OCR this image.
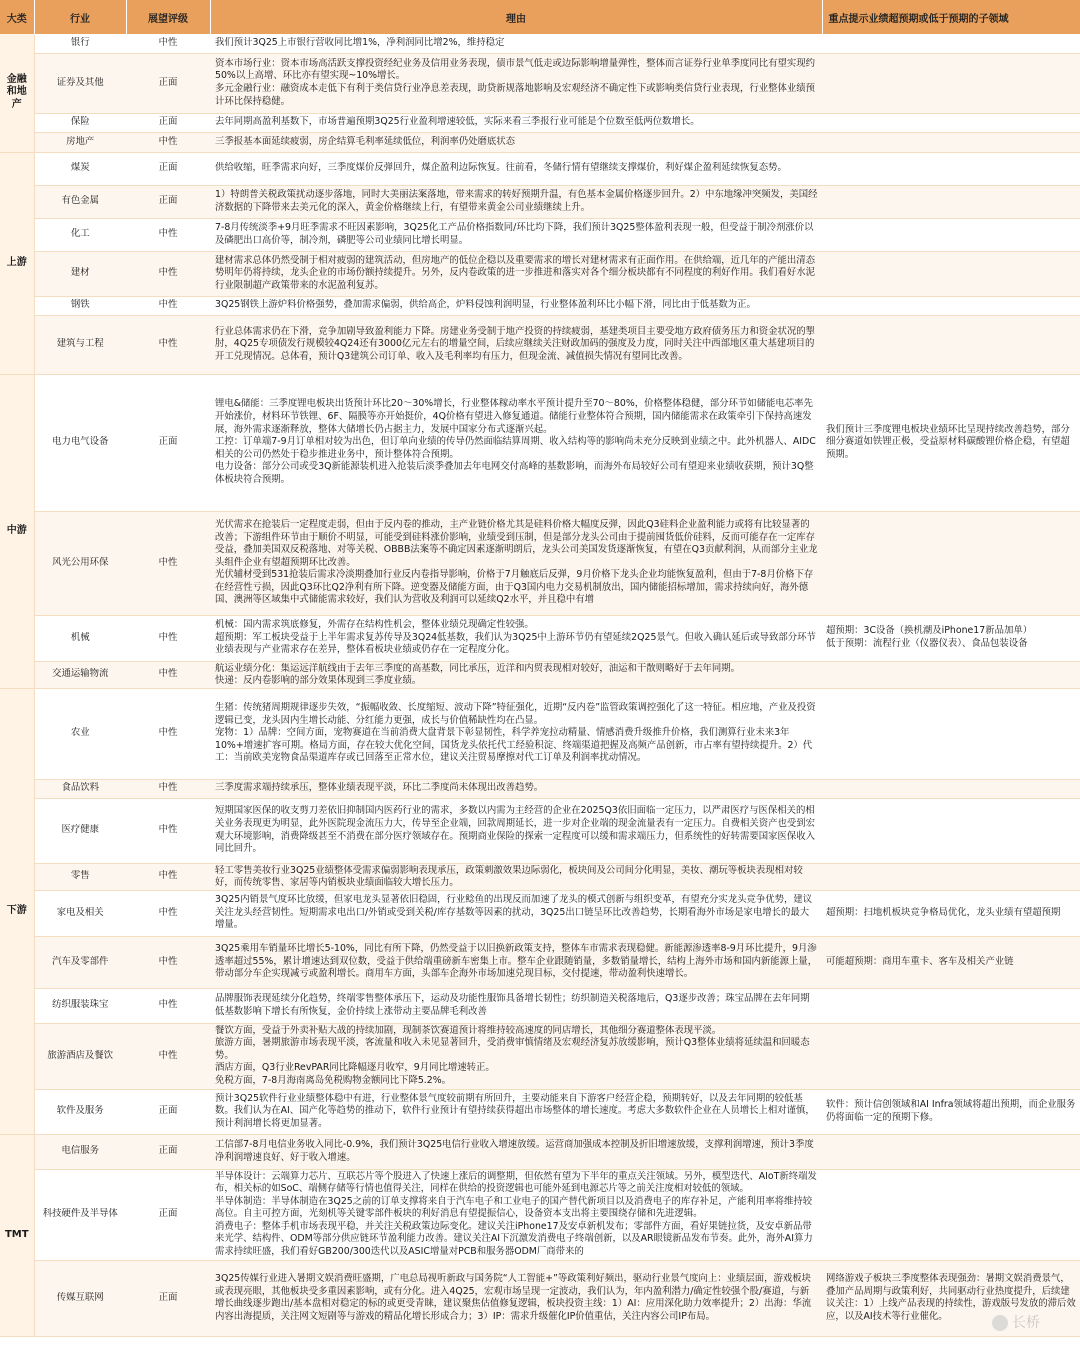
大类	行业	展望评级	理由	重点提示业绩超预期或低于预期的子领域
金融和地产	银行	中性	我们预计3Q25上市银行营收同比增1%，净利润同比增2%，维持稳定	

	证券及其他	正面	资本市场行业：资本市场高活跃支撑投资经纪业务及信用业务表现，债市景气低走或边际影响增量弹性，整体而言证券行业单季度同比有望实现约50%以上高增、环比亦有望实现~10%增长。
多元金融行业：融资成本走低下有利于类信贷行业净息差表现，助贷新规落地影响及宏观经济不确定性下或影响类信贷行业表现，行业整体业绩预计环比保持稳健。	

	保险	正面	去年同期高盈利基数下，市场普遍预期3Q25行业盈利增速较低，实际来看三季报行业可能是个位数至低两位数增长。	

	房地产	中性	三季报基本面延续疲弱，房企结算毛利率延续低位，利润率仍处磨底状态	

上游	煤炭	正面	供给收缩，旺季需求向好，三季度煤价反弹回升，煤企盈利边际恢复。往前看，冬储行情有望继续支撑煤价，利好煤企盈利延续恢复态势。	

	有色金属	正面	1）特朗普关税政策扰动逐步落地，同时大美丽法案落地，带来需求的转好预期升温，有色基本金属价格逐步回升。2）中东地缘冲突频发，美国经济数据的下降带来去美元化的深入，黄金价格继续上行，有望带来黄金公司业绩继续上升。	

	化工	中性	7-8月传统淡季+9月旺季需求不旺因素影响，3Q25化工产品价格指数同/环比均下降，我们预计3Q25整体盈利表现一般，但受益于制冷剂涨价以及磷肥出口高价等，制冷剂，磷肥等公司业绩同比增长明显。	

	建材	中性	建材需求总体仍然受制于相对疲弱的建筑活动，但房地产的低位企稳以及重要需求的增长对建材需求有正面作用。在供给端，近几年的产能出清态势明年仍将持续，龙头企业的市场份额持续提升。另外，反内卷政策的进一步推进和落实对各个细分板块都有不同程度的利好作用。我们看好水泥行业限制超产政策带来的水泥盈利复苏。	

	钢铁	中性	3Q25钢铁上游炉料价格强势，叠加需求偏弱，供给高企，炉料侵蚀利润明显，行业整体盈利环比小幅下滑，同比由于低基数为正。	

	建筑与工程	中性	行业总体需求仍在下滑，竞争加剧导致盈利能力下降。房建业务受制于地产投资的持续疲弱，基建类项目主要受地方政府债务压力和资金状况的掣肘，4Q25专项债发行规模较4Q24还有3000亿元左右的增量空间，后续应继续关注财政加码的强度及力度，同时关注中西部地区重大基建项目的开工兑现情况。总体看，预计Q3建筑公司订单、收入及毛利率均有压力，但现金流、减值损失情况有望同比改善。	

中游	电力电气设备	正面	锂电&储能：三季度锂电板块出货预计环比20～30%增长，行业整体稼动率水平预计提升至70～80%，价格整体稳健，部分环节如储能电芯率先开始涨价，材料环节铁锂、6F、隔膜等亦开始挺价，4Q价格有望进入修复通道。储能行业整体符合预期，国内储能需求在政策牵引下保持高速发展，海外需求逐渐释放，整体大储增长仍占据主力，发展中国家分布式逐渐兴起。
工控：订单端7-9月订单相对较为出色，但订单向业绩的传导仍然面临结算周期、收入结构等的影响尚未充分反映到业绩之中。此外机器人、AIDC相关的公司仍然处于稳步推进业务中，预计整体符合预期。
电力设备：部分公司或受3Q新能源装机进入抢装后淡季叠加去年电网交付高峰的基数影响，而海外布局较好公司有望迎来业绩收获期，预计3Q整体板块符合预期。	我们预计三季度锂电板块业绩环比呈现持续改善趋势，部分细分赛道如铁锂正极，受益原材料碳酸锂价格企稳，有望超预期。

	风光公用环保	中性	光伏需求在抢装后一定程度走弱，但由于反内卷的推动，主产业链价格尤其是硅料价格大幅度反弹，因此Q3硅料企业盈利能力或将有比较显著的改善；下游组件环节由于顺价不明显，可能受到硅料涨价影响，业绩受到压制，但是部分龙头公司由于提前囤货低价硅料，反而可能存在一定库存受益，叠加美国双反税落地、对等关税、OBBB法案等不确定因素逐渐明朗后，龙头公司美国发货逐渐恢复，有望在Q3贡献利润，从而部分主业龙头组件企业有望超预期环比改善。
光伏辅材受到531抢装后需求冷淡期叠加行业反内卷指导影响，价格于7月触底后反弹，9月价格下龙头企业均能恢复盈利，但由于7-8月价格下存在经营性亏损，因此Q3环比Q2净利有所下降。逆变器及储能方面，由于Q3国内电力交易机制放出，国内储能招标增加，需求持续向好，海外德国、澳洲等区域集中式储能需求较好，我们认为营收及利润可以延续Q2水平，并且稳中有增	

	机械	中性	机械：国内需求筑底修复，外需存在结构性机会，整体业绩兑现确定性较强。
超预期：军工板块受益于上半年需求复苏传导及3Q24低基数，我们认为3Q25中上游环节仍有望延续2Q25景气。但收入确认延后或导致部分环节业绩表现与产业需求存在差异，整体看板块业绩或仍存在一定程度分化。	超预期：3C设备（换机潮及iPhone17新品加单）
低于预期：流程行业（仪器仪表）、食品包装设备

	交通运输物流	中性	航运业绩分化：集运远洋航线由于去年三季度的高基数，同比承压，近洋和内贸表现相对较好，油运和干散则略好于去年同期。
快递：反内卷影响的部分效果体现到三季度业绩。	

下游	农业	中性	生猪：传统猪周期规律逐步失效，“振幅收敛、长度缩短、波动下降”特征强化，近期“反内卷”监管政策调控强化了这一特征。相应地，产业及投资逻辑已变，龙头因内生增长动能、分红能力更强，成长与价值稀缺性均在凸显。
宠物：1）品牌：空间方面，宠物赛道在当前消费大盘背景下彰显韧性，科学养宠拉动精量、情感消费升级推升价格，我们测算行业未来3年10%+增速扩容可期。格局方面，存在较大优化空间，国货龙头依托代工经验积淀、终端渠道把握及高频产品创新，市占率有望持续提升。2）代工：当前欧美宠物食品渠道库存或已回落至正常水位，建议关注贸易摩擦对代工订单及利润率扰动情况。	

	食品饮料	中性	三季度需求端持续承压，整体业绩表现平淡，环比二季度尚未体现出改善趋势。	

	医疗健康	中性	短期国家医保的收支剪刀差依旧抑制国内医药行业的需求，多数以内需为主经营的企业在2025Q3依旧面临一定压力，以严肃医疗与医保相关的相关业务表现更为明显，此外医院现金流压力大，传导至企业端，回款周期延长，进一步对企业端的现金流量表有一定压力。自费相关资产也受到宏观大环境影响，消费降级甚至不消费在部分医疗领域存在。预期商业保险的探索一定程度可以缓和需求端压力，但系统性的好转需要国家医保收入同比回升。	

	零售	中性	轻工零售美妆行业3Q25业绩整体受需求偏弱影响表现承压，政策刺激效果边际弱化，板块间及公司间分化明显，美妆、潮玩等板块表现相对较好，而传统零售、家居等内销板块业绩面临较大增长压力。	

	家电及相关	中性	3Q25内销景气度环比放缓，但家电龙头显著依旧稳固，行业鲶鱼的出现反而加速了龙头的模式创新与组织变革，有望充分实龙头竞争优势，建议关注龙头经营韧性。短期需求电出口/外销或受到关税/库存基数等因素的扰动，3Q25出口链呈环比改善趋势，长期看海外市场是家电增长的最大增量。	超预期：扫地机板块竞争格局优化，龙头业绩有望超预期

	汽车及零部件	中性	3Q25乘用车销量环比增长5-10%，同比有所下降，仍然受益于以旧换新政策支持，整体车市需求表现稳健。新能源渗透率8-9月环比提升，9月渗透率超过55%，累计增速达到双位数，受益于供给端重磅新车密集上市。整车企业跟随销量，多数销量增长，结构上海外市场和国内新能源上量，带动部分车企实现减亏或盈利增长。商用车方面，头部车企海外市场加速兑现目标，交付提速，带动盈利快速增长。	可能超预期：商用车重卡、客车及相关产业链

	纺织服装珠宝	中性	品牌服饰表现延续分化趋势，终端零售整体承压下，运动及功能性服饰具备增长韧性；纺织制造关税落地后，Q3逐步改善；珠宝品牌在去年同期低基数影响下增长有所恢复，金价持续上涨带动主要品牌毛利改善	

	旅游酒店及餐饮	中性	餐饮方面，受益于外卖补贴大战的持续加剧，现制茶饮赛道预计将维持较高速度的同店增长，其他细分赛道整体表现平淡。
旅游方面，暑期旅游市场表现平淡，客流量和收入未见显著回升，受消费审慎情绪及宏观经济复苏放缓影响，预计Q3整体业绩将延续温和回暖态势。
酒店方面，Q3行业RevPAR同比降幅逐月收窄，9月同比增速转正。
免税方面，7-8月海南离岛免税购物金额同比下降5.2%。	

	软件及服务	正面	预计3Q25软件行业业绩整体稳中有进，行业整体景气度较前期有所回升，主要动能来自下游客户经营企稳，预期转好，以及去年同期的较低基数。我们认为在AI、国产化等趋势的推动下，软件行业预计有望持续获得超出市场整体的增长速度。考虑大多数软件企业在人员增长上相对谨慎，预计利润增长将更加显著。	软件：预计信创领域和AI Infra领域将超出预期，而企业服务仍将面临一定的预期下修。

TMT	电信服务	正面	工信部7-8月电信业务收入同比-0.9%，我们预计3Q25电信行业收入增速放缓。运营商加强成本控制及折旧增速放缓，支撑利润增速，预计3季度净利润增速良好、好于收入增速。	

	科技硬件及半导体	正面	半导体设计：云端算力芯片、互联芯片等个股进入了快速上涨后的调整期，但依然有望为下半年的重点关注领域。另外，模型迭代、AIoT新终端发布，相关标的如SoC、端侧存储等行情也值得关注，同样在供给的投资逻辑也可能外延到电源芯片等之前关注度相对较低的领域。
半导体制造：半导体制造在3Q25之前的订单支撑将来自于汽车电子和工业电子的国产替代新项目以及消费电子的库存补足，产能利用率将维持较高位。自主可控方面，光刻机等关键零部件板块的利好消息有望提振信心，设备资本支出将主要围绕存储和先进逻辑。
消费电子：整体手机市场表现平稳，并关注关税政策边际变化。建议关注iPhone17及安卓新机发布；零部件方面，看好果链拉货，及安卓新品带来光学、结构件、ODM等部分供应链环节盈利能力改善。建议关注AI下沉激发消费电子终端创新，以及AR眼镜新品发布节奏。此外，海外AI算力需求持续旺盛，我们看好GB200/300迭代以及ASIC增量对PCB和服务器ODM厂商带来的	

	传媒互联网	正面	3Q25传媒行业进入暑期文娱消费旺盛期，广电总局视听新政与国务院“人工智能+”等政策利好频出，驱动行业景气度向上：业绩层面，游戏板块或表现亮眼，其他板块受多重因素影响，或有分化。进入4Q25，宏观市场呈现一定波动，我们认为，年内盈利潜力/确定性较强个股/赛道，与新增长曲线逐步跑出/基本盘相对稳定的标的或更受青睐，建议聚焦估值修复逻辑，板块投资主线：1）AI：应用深化助力效率提升；2）出海：华流内容出海提质，关注网文短剧等与游戏的精品化增长形成合力；3）IP：需求升级催化IP价值重估，关注内容公司IP布局。	网络游戏子板块三季度整体表现强劲：暑期文娱消费景气，叠加产品周期与政策利好，共同驱动行业热度提升，后续建议关注：1）上线产品表现的持续性，游戏版号发放的滞后效应，以及AI技术等行业催化。	长桥
